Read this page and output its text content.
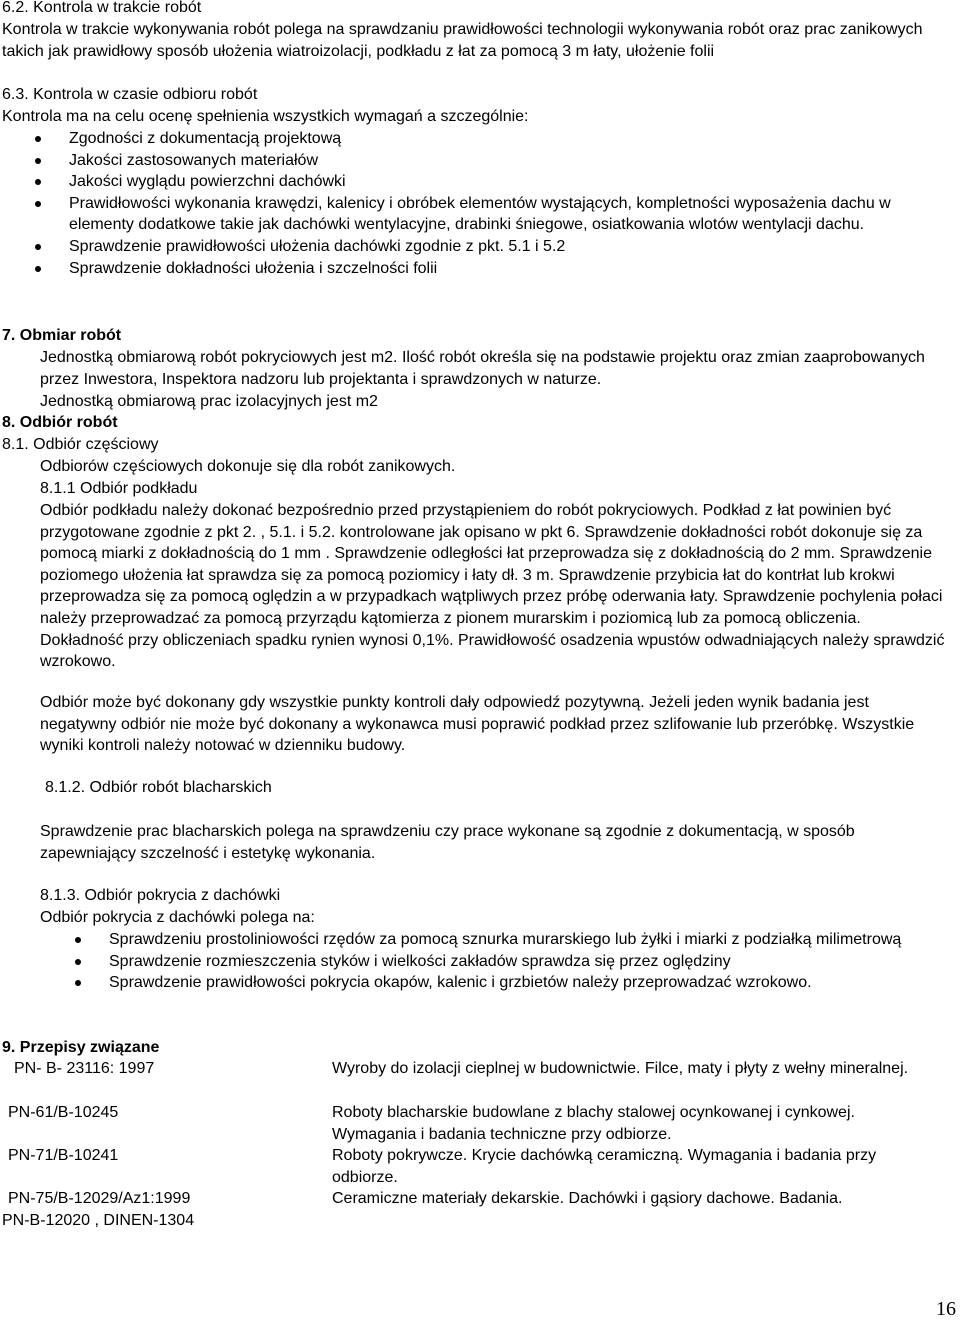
6.2. Kontrola w trakcie robót

Kontrola w trakcie wykonywania robót polega na sprawdzaniu prawidłowości technologii wykonywania robót oraz prac zanikowych takich jak prawidłowy sposób ułożenia wiatroizolacji, podkładu z łat za pomocą 3 m łaty, ułożenie folii

6.3. Kontrola w czasie odbioru robót

Kontrola ma na celu ocenę spełnienia wszystkich wymagań a szczególnie:

Zgodności z dokumentacją projektową
Jakości zastosowanych materiałów
Jakości wyglądu powierzchni dachówki
Prawidłowości wykonania krawędzi, kalenicy i obróbek elementów wystających, kompletności wyposażenia dachu w elementy dodatkowe takie jak dachówki wentylacyjne, drabinki śniegowe, osiatkowania wlotów wentylacji dachu.
Sprawdzenie prawidłowości ułożenia dachówki zgodnie z pkt. 5.1 i 5.2
Sprawdzenie dokładności ułożenia i szczelności folii

7. Obmiar robót

Jednostką obmiarową robót pokryciowych jest m2. Ilość robót określa się na podstawie projektu oraz zmian zaaprobowanych przez Inwestora, Inspektora nadzoru lub projektanta i sprawdzonych w naturze.

Jednostką obmiarową prac izolacyjnych jest m2

8. Odbiór robót

8.1. Odbiór częściowy

Odbiorów częściowych dokonuje się dla robót zanikowych.

8.1.1 Odbiór podkładu

Odbiór podkładu należy dokonać bezpośrednio przed przystąpieniem do robót pokryciowych. Podkład z łat powinien być przygotowane zgodnie z pkt 2. , 5.1. i 5.2. kontrolowane jak opisano w pkt 6. Sprawdzenie dokładności robót dokonuje się za pomocą miarki z dokładnością do 1 mm . Sprawdzenie odległości łat przeprowadza się z dokładnością do 2 mm. Sprawdzenie poziomego ułożenia łat sprawdza się za pomocą poziomicy i łaty dł. 3 m. Sprawdzenie przybicia łat do kontrłat lub krokwi przeprowadza się za pomocą oględzin a w przypadkach wątpliwych przez próbę oderwania łaty. Sprawdzenie pochylenia połaci należy przeprowadzać za pomocą przyrządu kątomierza z pionem murarskim i poziomicą lub za pomocą obliczenia. Dokładność przy obliczeniach spadku rynien wynosi 0,1%. Prawidłowość osadzenia wpustów odwadniających należy sprawdzić wzrokowo.

Odbiór może być dokonany gdy wszystkie punkty kontroli dały odpowiedź pozytywną. Jeżeli jeden wynik badania jest negatywny odbiór nie może być dokonany a wykonawca musi poprawić podkład przez szlifowanie lub przeróbkę. Wszystkie wyniki kontroli należy notować w dzienniku budowy.

8.1.2. Odbiór robót blacharskich

Sprawdzenie prac blacharskich polega na sprawdzeniu czy prace wykonane są zgodnie z dokumentacją, w sposób zapewniający szczelność i estetykę wykonania.

8.1.3. Odbiór pokrycia z dachówki

Odbiór pokrycia z dachówki polega na:

Sprawdzeniu prostoliniowości rzędów za pomocą sznurka murarskiego lub żyłki i miarki z podziałką milimetrową
Sprawdzenie rozmieszczenia styków i wielkości zakładów sprawdza się przez oględziny
Sprawdzenie prawidłowości pokrycia okapów, kalenic i grzbietów należy przeprowadzać wzrokowo.

9. Przepisy związane

PN- B- 23116: 1997	Wyroby do izolacji cieplnej w budownictwie. Filce, maty i płyty z wełny mineralnej.
PN-61/B-10245	Roboty blacharskie budowlane z blachy stalowej ocynkowanej i cynkowej. Wymagania i badania techniczne przy odbiorze.
PN-71/B-10241	Roboty pokrywcze. Krycie dachówką ceramiczną. Wymagania i badania przy odbiorze.
PN-75/B-12029/Az1:1999	Ceramiczne materiały dekarskie. Dachówki i gąsiory dachowe. Badania.
PN-B-12020 , DINEN-1304
16
